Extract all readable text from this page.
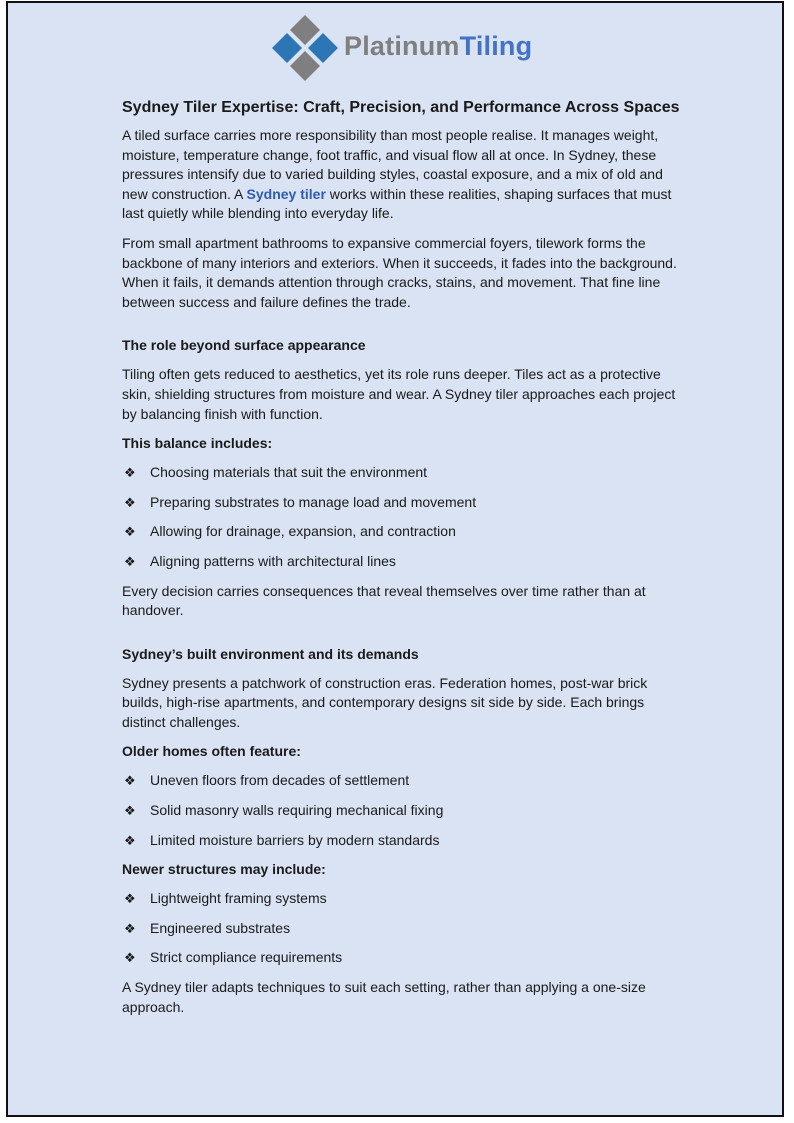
PlatinumTiling
Sydney Tiler Expertise: Craft, Precision, and Performance Across Spaces

A tiled surface carries more responsibility than most people realise. It manages weight, moisture, temperature change, foot traffic, and visual flow all at once. In Sydney, these pressures intensify due to varied building styles, coastal exposure, and a mix of old and new construction. A Sydney tiler works within these realities, shaping surfaces that must last quietly while blending into everyday life.

From small apartment bathrooms to expansive commercial foyers, tilework forms the backbone of many interiors and exteriors. When it succeeds, it fades into the background. When it fails, it demands attention through cracks, stains, and movement. That fine line between success and failure defines the trade.

The role beyond surface appearance

Tiling often gets reduced to aesthetics, yet its role runs deeper. Tiles act as a protective skin, shielding structures from moisture and wear. A Sydney tiler approaches each project by balancing finish with function.

This balance includes:
❖ Choosing materials that suit the environment
❖ Preparing substrates to manage load and movement
❖ Allowing for drainage, expansion, and contraction
❖ Aligning patterns with architectural lines

Every decision carries consequences that reveal themselves over time rather than at handover.

Sydney’s built environment and its demands

Sydney presents a patchwork of construction eras. Federation homes, post-war brick builds, high-rise apartments, and contemporary designs sit side by side. Each brings distinct challenges.

Older homes often feature:
❖ Uneven floors from decades of settlement
❖ Solid masonry walls requiring mechanical fixing
❖ Limited moisture barriers by modern standards
Newer structures may include:
❖ Lightweight framing systems
❖ Engineered substrates
❖ Strict compliance requirements

A Sydney tiler adapts techniques to suit each setting, rather than applying a one-size approach.
